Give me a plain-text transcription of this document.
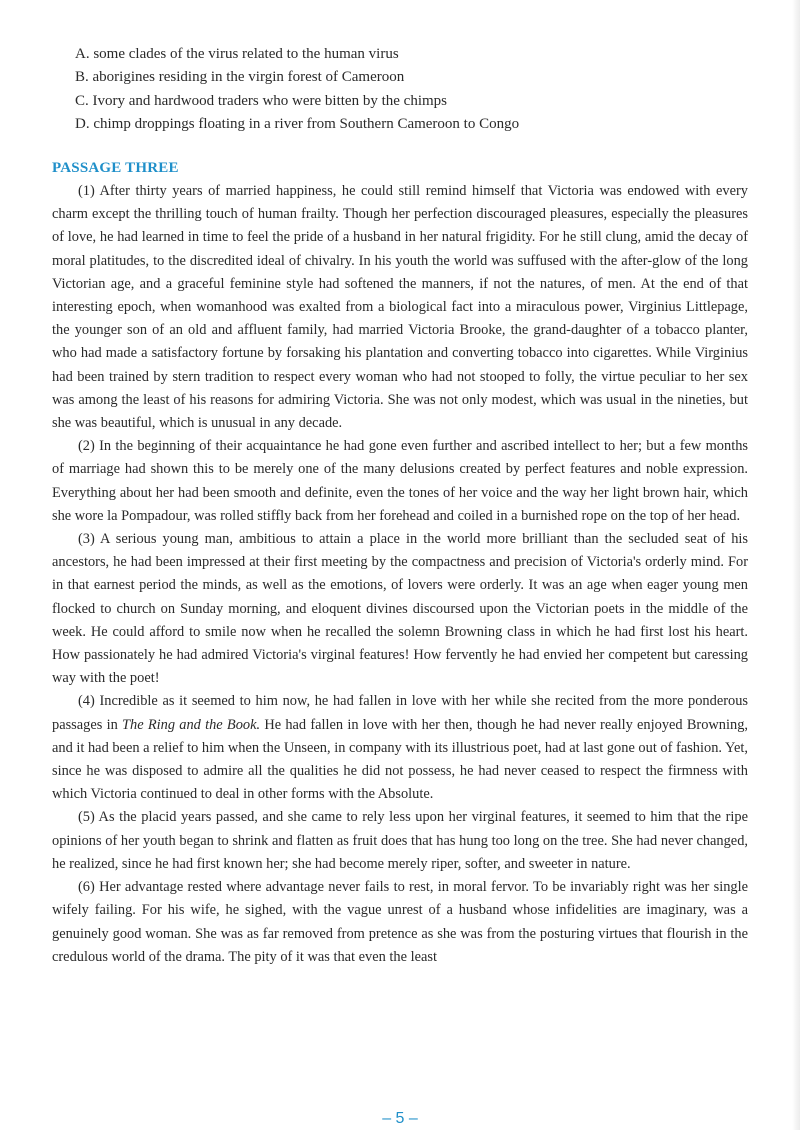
A. some clades of the virus related to the human virus
B. aborigines residing in the virgin forest of Cameroon
C. Ivory and hardwood traders who were bitten by the chimps
D. chimp droppings floating in a river from Southern Cameroon to Congo
PASSAGE THREE

(1) After thirty years of married happiness, he could still remind himself that Victoria was endowed with every charm except the thrilling touch of human frailty. Though her perfection discouraged pleasures, especially the pleasures of love, he had learned in time to feel the pride of a husband in her natural frigidity. For he still clung, amid the decay of moral platitudes, to the discredited ideal of chivalry. In his youth the world was suffused with the after-glow of the long Victorian age, and a graceful feminine style had softened the manners, if not the natures, of men. At the end of that interesting epoch, when womanhood was exalted from a biological fact into a miraculous power, Virginius Littlepage, the younger son of an old and affluent family, had married Victoria Brooke, the grand-daughter of a tobacco planter, who had made a satisfactory fortune by forsaking his plantation and converting tobacco into cigarettes. While Virginius had been trained by stern tradition to respect every woman who had not stooped to folly, the virtue peculiar to her sex was among the least of his reasons for admiring Victoria. She was not only modest, which was usual in the nineties, but she was beautiful, which is unusual in any decade.

(2) In the beginning of their acquaintance he had gone even further and ascribed intellect to her; but a few months of marriage had shown this to be merely one of the many delusions created by perfect features and noble expression. Everything about her had been smooth and definite, even the tones of her voice and the way her light brown hair, which she wore la Pompadour, was rolled stiffly back from her forehead and coiled in a burnished rope on the top of her head.

(3) A serious young man, ambitious to attain a place in the world more brilliant than the secluded seat of his ancestors, he had been impressed at their first meeting by the compactness and precision of Victoria's orderly mind. For in that earnest period the minds, as well as the emotions, of lovers were orderly. It was an age when eager young men flocked to church on Sunday morning, and eloquent divines discoursed upon the Victorian poets in the middle of the week. He could afford to smile now when he recalled the solemn Browning class in which he had first lost his heart. How passionately he had admired Victoria's virginal features! How fervently he had envied her competent but caressing way with the poet!

(4) Incredible as it seemed to him now, he had fallen in love with her while she recited from the more ponderous passages in The Ring and the Book. He had fallen in love with her then, though he had never really enjoyed Browning, and it had been a relief to him when the Unseen, in company with its illustrious poet, had at last gone out of fashion. Yet, since he was disposed to admire all the qualities he did not possess, he had never ceased to respect the firmness with which Victoria continued to deal in other forms with the Absolute.

(5) As the placid years passed, and she came to rely less upon her virginal features, it seemed to him that the ripe opinions of her youth began to shrink and flatten as fruit does that has hung too long on the tree. She had never changed, he realized, since he had first known her; she had become merely riper, softer, and sweeter in nature.

(6) Her advantage rested where advantage never fails to rest, in moral fervor. To be invariably right was her single wifely failing. For his wife, he sighed, with the vague unrest of a husband whose infidelities are imaginary, was a genuinely good woman. She was as far removed from pretence as she was from the posturing virtues that flourish in the credulous world of the drama. The pity of it was that even the least

– 5 –
